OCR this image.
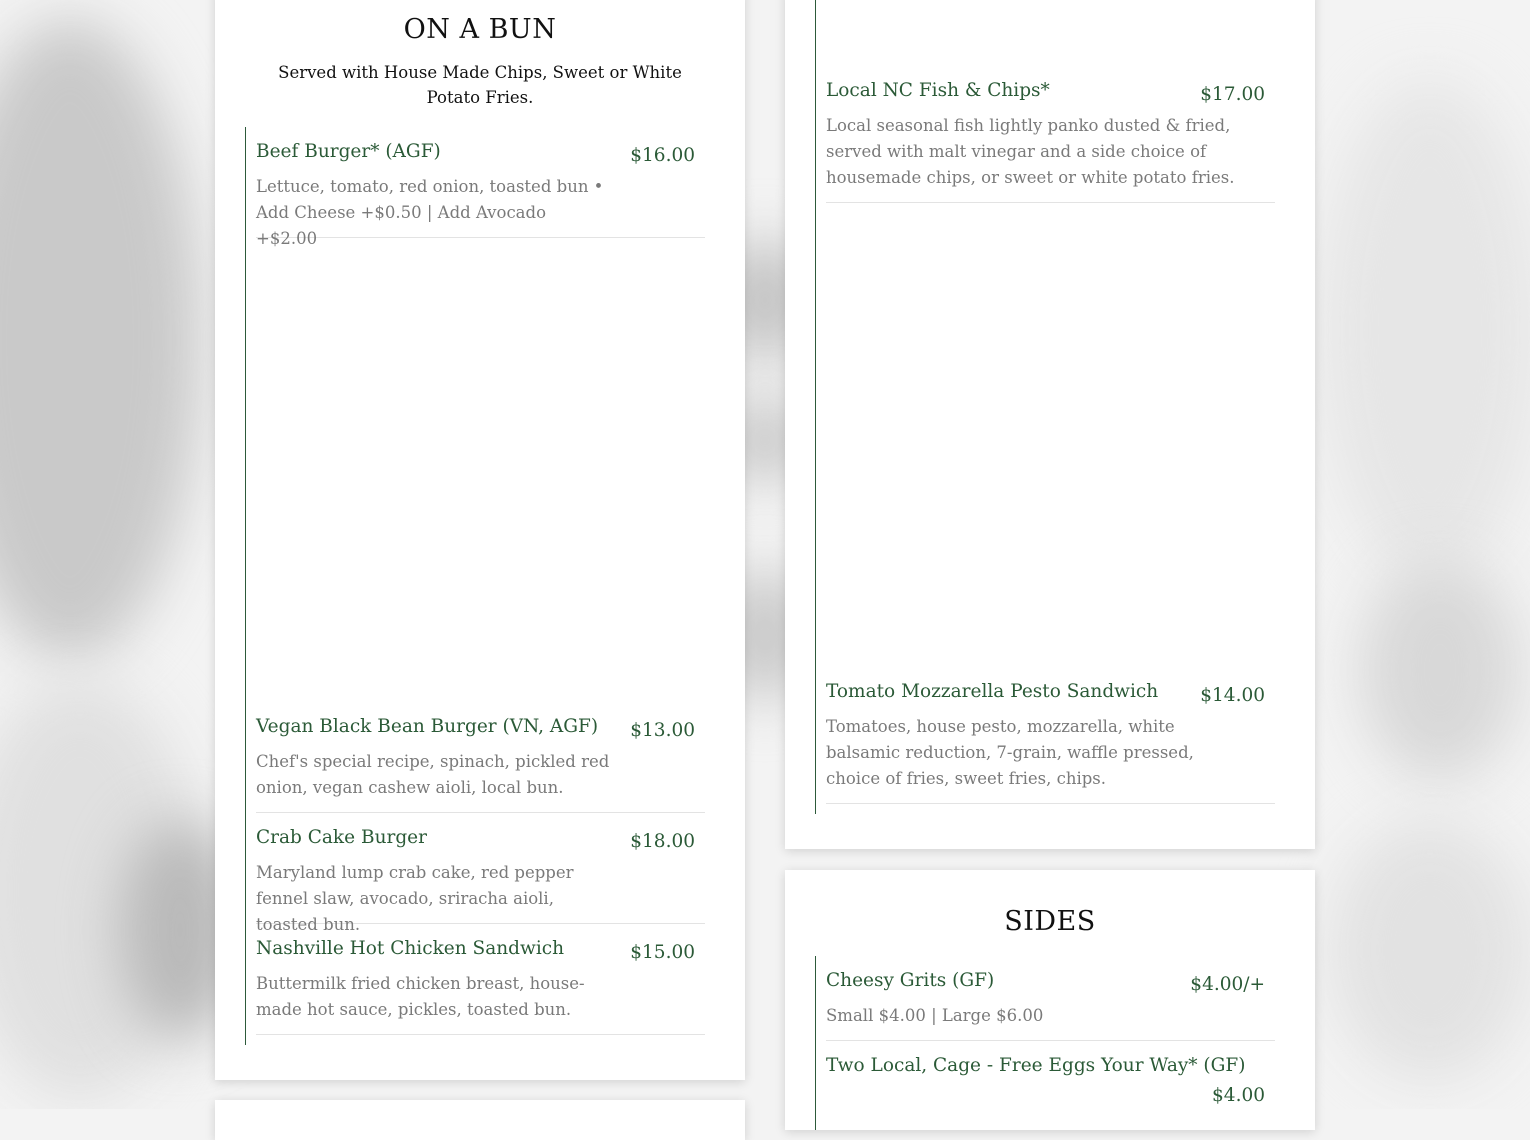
ON A BUN
Served with House Made Chips, Sweet or White Potato Fries.
Beef Burger* (AGF)	$16.00
Lettuce, tomato, red onion, toasted bun • Add Cheese +$0.50 | Add Avocado +$2.00
Vegan Black Bean Burger (VN, AGF) $13.00
Chef's special recipe, spinach, pickled red onion, vegan cashew aioli, local bun.
Crab Cake Burger	$18.00
Maryland lump crab cake, red pepper fennel slaw, avocado, sriracha aioli, toasted bun.
Nashville Hot Chicken Sandwich	$15.00
Buttermilk fried chicken breast, house-made hot sauce, pickles, toasted bun.
Local NC Fish & Chips*	$17.00
Local seasonal fish lightly panko dusted & fried, served with malt vinegar and a side choice of housemade chips, or sweet or white potato fries.
Tomato Mozzarella Pesto Sandwich $14.00
Tomatoes, house pesto, mozzarella, white balsamic reduction, 7-grain, waffle pressed, choice of fries, sweet fries, chips.
SIDES
Cheesy Grits (GF)	$4.00/+
Small $4.00 | Large $6.00
Two Local, Cage - Free Eggs Your Way* (GF)
$4.00
